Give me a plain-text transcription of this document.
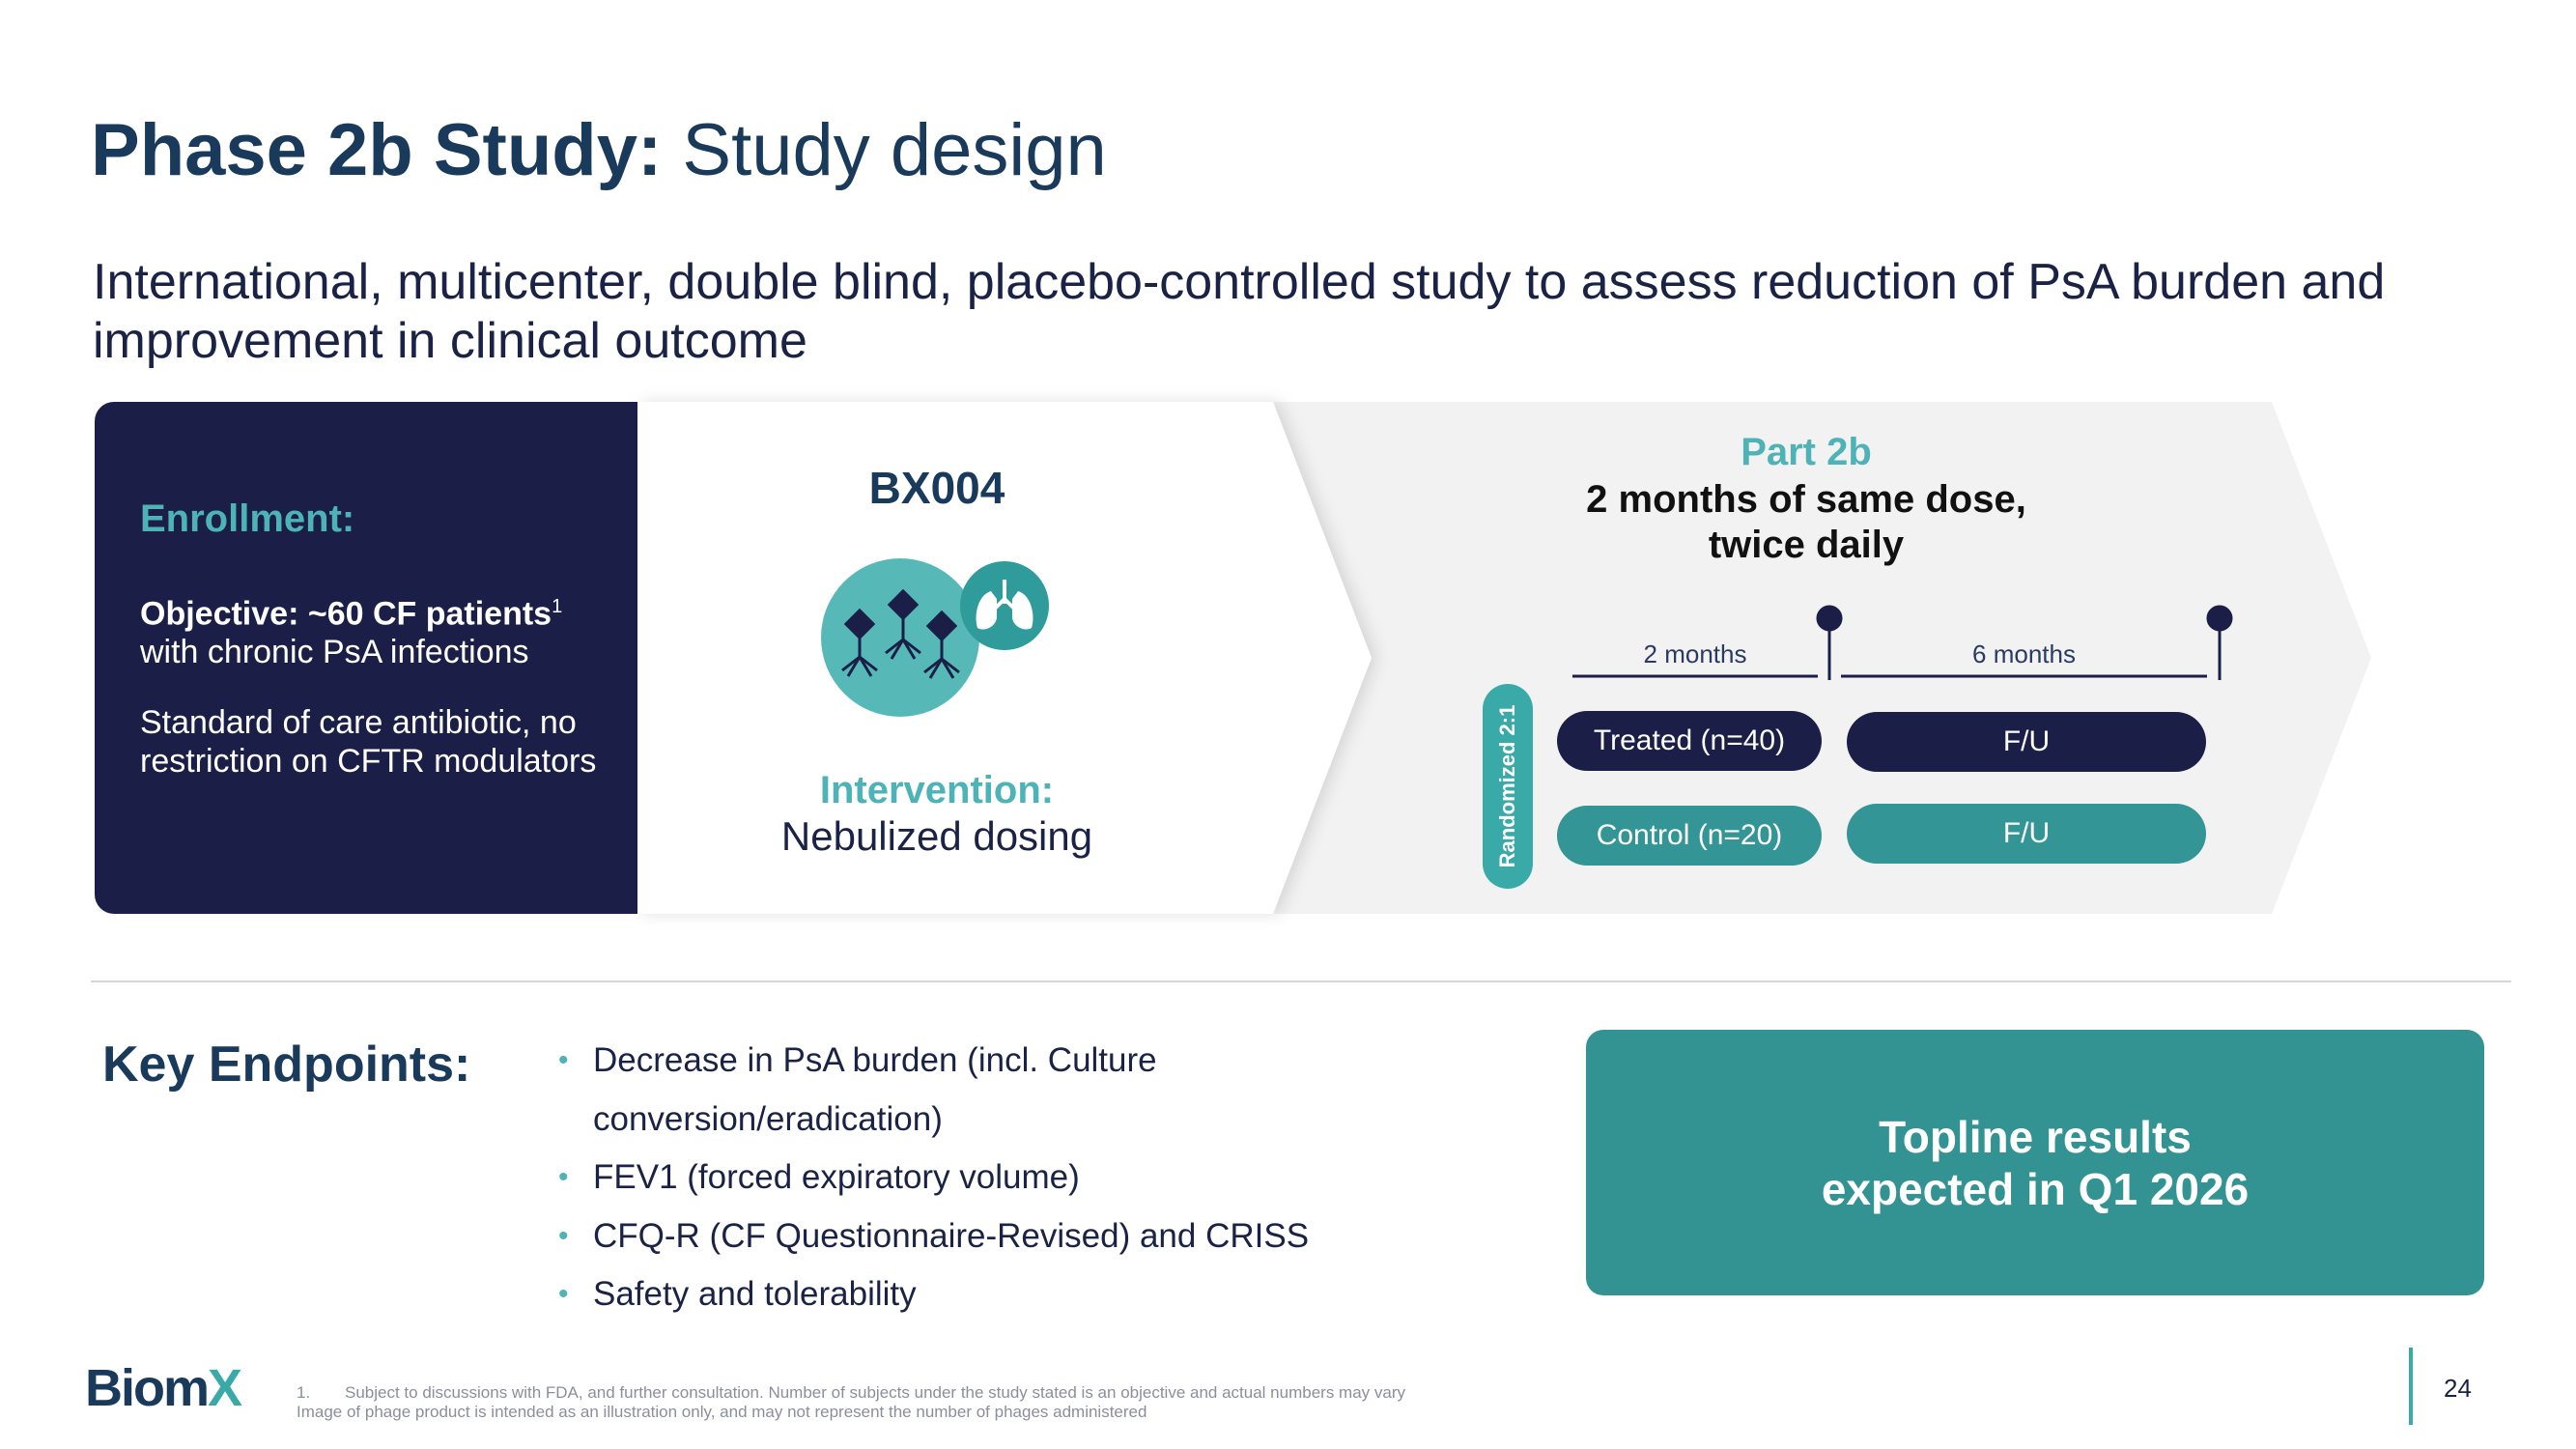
Phase 2b Study: Study design
International, multicenter, double blind, placebo-controlled study to assess reduction of PsA burden and improvement in clinical outcome
Enrollment:
Objective: ~60 CF patients$^1$
with chronic PsA infections
Standard of care antibiotic, no restriction on CFTR modulators
BX004
Intervention:
Nebulized dosing
Part 2b
2 months of same dose,
twice daily
2 months	6 months
Randomized 2:1	Treated (n=40)	F/U
Control (n=20)	F/U
Key Endpoints:	• Decrease in PsA burden (incl. Culture conversion/eradication)
• FEV1 (forced expiratory volume)
• CFQ-R (CF Questionnaire-Revised) and CRISS
• Safety and tolerability
Topline results
expected in Q1 2026
BiomX	1. Subject to discussions with FDA, and further consultation. Number of subjects under the study stated is an objective and actual numbers may vary
Image of phage product is intended as an illustration only, and may not represent the number of phages administered
24
